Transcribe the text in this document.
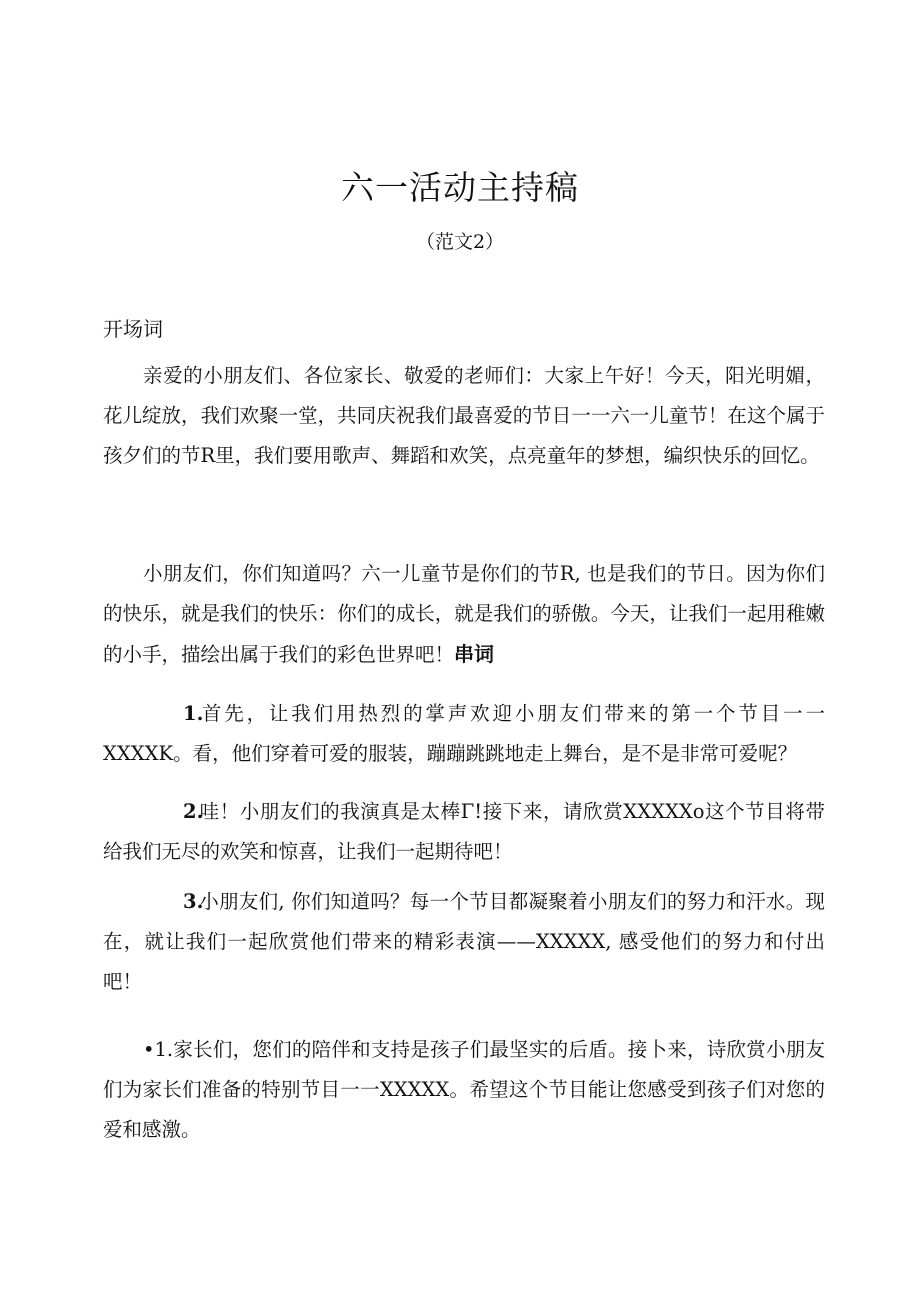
六一活动主持稿
（范文2）
开场词

亲爱的小朋友们、各位家长、敬爱的老师们：大家上午好！今天，阳光明媚，花儿绽放，我们欢聚一堂，共同庆祝我们最喜爱的节日一一六一儿童节！在这个属于孩夕们的节R里，我们要用歌声、舞蹈和欢笑，点亮童年的梦想，编织快乐的回忆。

小朋友们，你们知道吗？六一儿童节是你们的节R, 也是我们的节日。因为你们的快乐，就是我们的快乐：你们的成长，就是我们的骄傲。今天，让我们一起用稚嫩的小手，描绘出属于我们的彩色世界吧！串词

1.首先，让我们用热烈的掌声欢迎小朋友们带来的第一个节目一一XXXXK。看，他们穿着可爱的服装，蹦蹦跳跳地走上舞台，是不是非常可爱呢？

2.哇！小朋友们的我演真是太棒Γ!接下来，请欣赏XXXXXo这个节目将带给我们无尽的欢笑和惊喜，让我们一起期待吧！

3.小朋友们, 你们知道吗？每一个节目都凝聚着小朋友们的努力和汗水。现在，就让我们一起欣赏他们带来的精彩表演——XXXXX, 感受他们的努力和付出吧！

•1.家长们，您们的陪伴和支持是孩子们最坚实的后盾。接卜来，诗欣赏小朋友们为家长们准备的特别节目一一XXXXX。希望这个节目能让您感受到孩子们对您的爱和感激。
